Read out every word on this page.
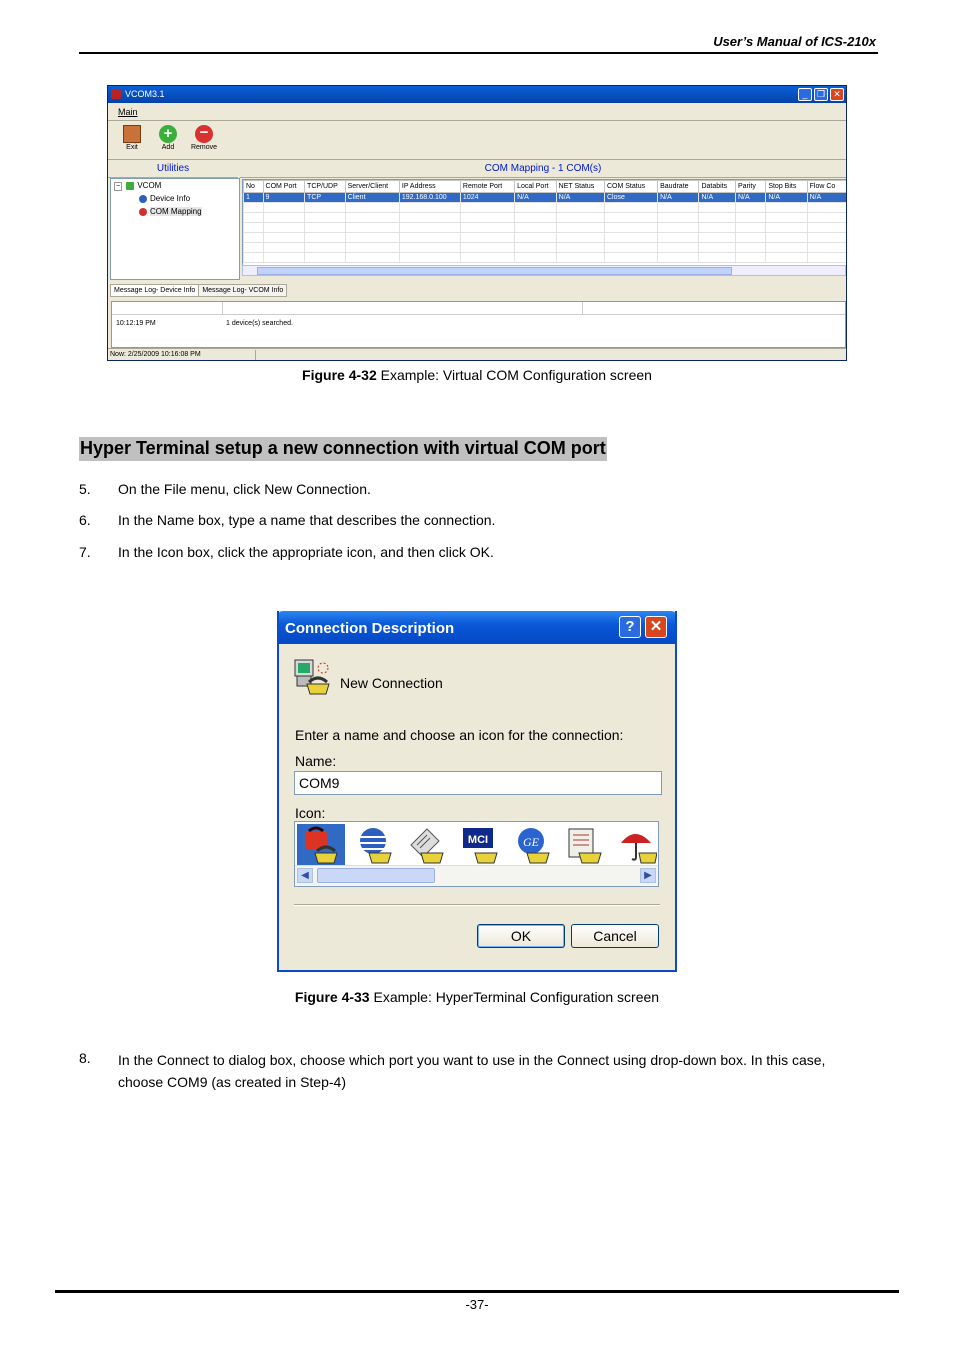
User’s Manual of ICS-210x
VCOM3.1	_	❐ ✕
Main
Exit
+
Add
−
Remove
Utilities
− VCOM
Device Info
COM Mapping
COM Mapping - 1 COM(s)
No	COM Port	TCP/UDP	Server/Client	IP Address	Remote Port	Local Port	NET Status	COM Status	Baudrate	Databits	Parity	Stop Bits	Flow Co
1	9	TCP	Client	192.168.0.100	1024	N/A	N/A	Close	N/A	N/A	N/A	N/A	N/A

Message Log- Device Info Message Log- VCOM Info
10:12:19 PM	1 device(s) searched.
Now: 2/25/2009 10:16:08 PM
Figure 4-32 Example: Virtual COM Configuration screen
Hyper Terminal setup a new connection with virtual COM port
5. On the File menu, click New Connection.
6. In the Name box, type a name that describes the connection.
7. In the Icon box, click the appropriate icon, and then click OK.
Connection Description	?	✕
New Connection
Enter a name and choose an icon for the connection:
Name:
COM9
Icon:
MCI	GE
◀	▶
OK	Cancel
Figure 4-33 Example: HyperTerminal Configuration screen
8. In the Connect to dialog box, choose which port you want to use in the Connect using drop-down box. In this case, choose COM9 (as created in Step-4)
-37-
